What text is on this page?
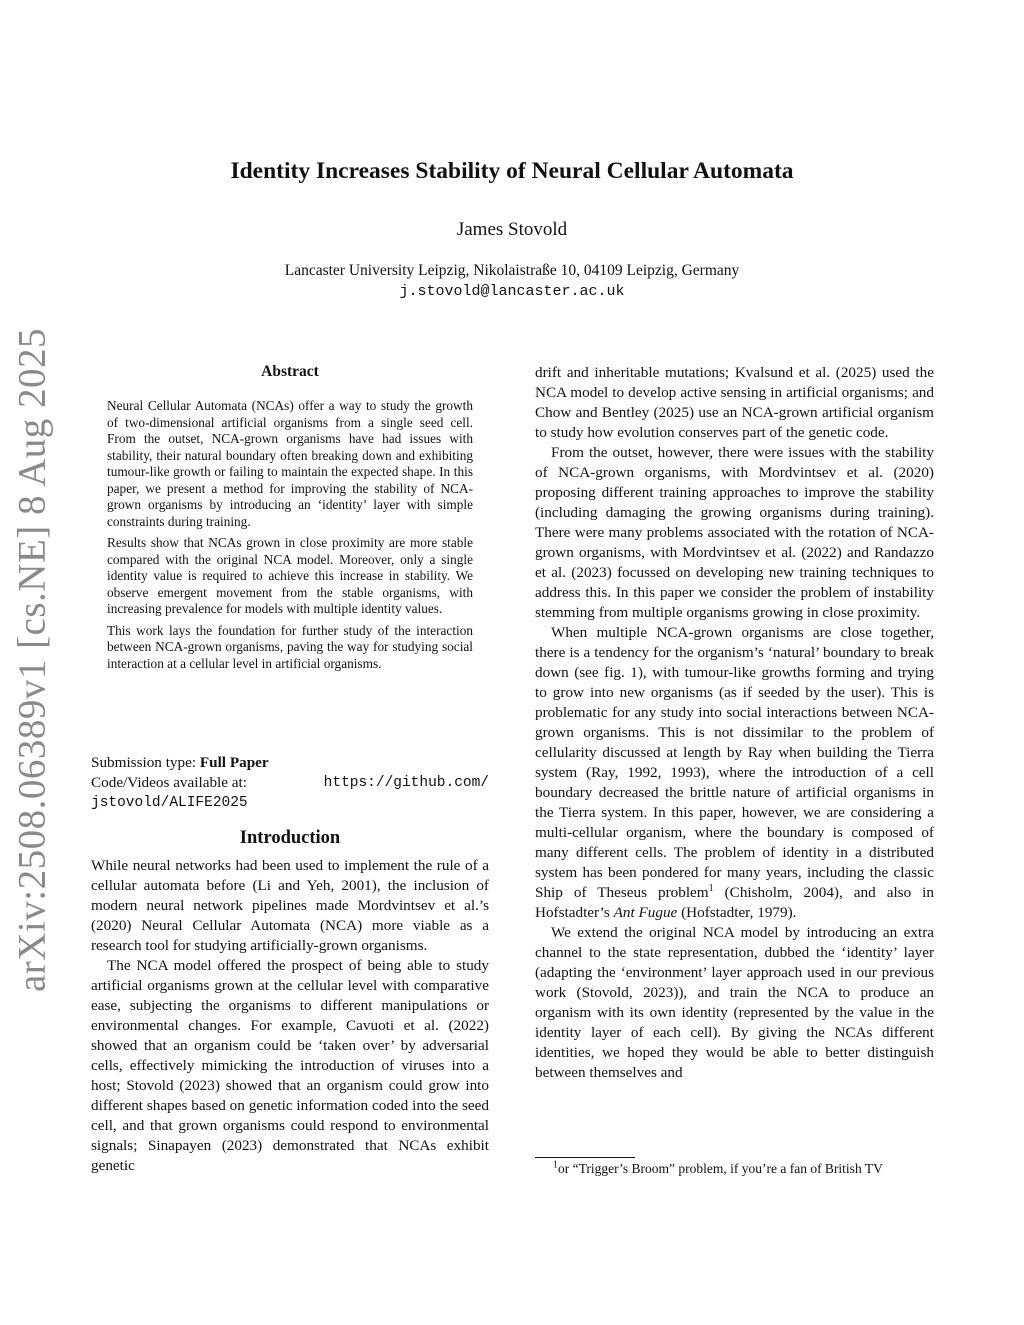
arXiv:2508.06389v1 [cs.NE] 8 Aug 2025
Identity Increases Stability of Neural Cellular Automata
James Stovold
Lancaster University Leipzig, Nikolaistraße 10, 04109 Leipzig, Germany
j.stovold@lancaster.ac.uk
Abstract

Neural Cellular Automata (NCAs) offer a way to study the growth of two-dimensional artificial organisms from a single seed cell. From the outset, NCA-grown organisms have had issues with stability, their natural boundary often breaking down and exhibiting tumour-like growth or failing to maintain the expected shape. In this paper, we present a method for improving the stability of NCA-grown organisms by introducing an ‘identity’ layer with simple constraints during training.

Results show that NCAs grown in close proximity are more stable compared with the original NCA model. Moreover, only a single identity value is required to achieve this increase in stability. We observe emergent movement from the stable organisms, with increasing prevalence for models with multiple identity values.

This work lays the foundation for further study of the interaction between NCA-grown organisms, paving the way for studying social interaction at a cellular level in artificial organisms.

Submission type: Full Paper
Code/Videos available at:	https://github.com/
jstovold/ALIFE2025
Introduction

While neural networks had been used to implement the rule of a cellular automata before (Li and Yeh, 2001), the inclusion of modern neural network pipelines made Mordvintsev et al.’s (2020) Neural Cellular Automata (NCA) more viable as a research tool for studying artificially-grown organisms.

The NCA model offered the prospect of being able to study artificial organisms grown at the cellular level with comparative ease, subjecting the organisms to different manipulations or environmental changes. For example, Cavuoti et al. (2022) showed that an organism could be ‘taken over’ by adversarial cells, effectively mimicking the introduction of viruses into a host; Stovold (2023) showed that an organism could grow into different shapes based on genetic information coded into the seed cell, and that grown organisms could respond to environmental signals; Sinapayen (2023) demonstrated that NCAs exhibit genetic

drift and inheritable mutations; Kvalsund et al. (2025) used the NCA model to develop active sensing in artificial organisms; and Chow and Bentley (2025) use an NCA-grown artificial organism to study how evolution conserves part of the genetic code.

From the outset, however, there were issues with the stability of NCA-grown organisms, with Mordvintsev et al. (2020) proposing different training approaches to improve the stability (including damaging the growing organisms during training). There were many problems associated with the rotation of NCA-grown organisms, with Mordvintsev et al. (2022) and Randazzo et al. (2023) focussed on developing new training techniques to address this. In this paper we consider the problem of instability stemming from multiple organisms growing in close proximity.

When multiple NCA-grown organisms are close together, there is a tendency for the organism’s ‘natural’ boundary to break down (see fig. 1), with tumour-like growths forming and trying to grow into new organisms (as if seeded by the user). This is problematic for any study into social interactions between NCA-grown organisms. This is not dissimilar to the problem of cellularity discussed at length by Ray when building the Tierra system (Ray, 1992, 1993), where the introduction of a cell boundary decreased the brittle nature of artificial organisms in the Tierra system. In this paper, however, we are considering a multi-cellular organism, where the boundary is composed of many different cells. The problem of identity in a distributed system has been pondered for many years, including the classic Ship of Theseus problem$^1$ (Chisholm, 2004), and also in Hofstadter’s Ant Fugue (Hofstadter, 1979).

We extend the original NCA model by introducing an extra channel to the state representation, dubbed the ‘identity’ layer (adapting the ‘environment’ layer approach used in our previous work (Stovold, 2023)), and train the NCA to produce an organism with its own identity (represented by the value in the identity layer of each cell). By giving the NCAs different identities, we hoped they would be able to better distinguish between themselves and

$^1$or “Trigger’s Broom” problem, if you’re a fan of British TV
